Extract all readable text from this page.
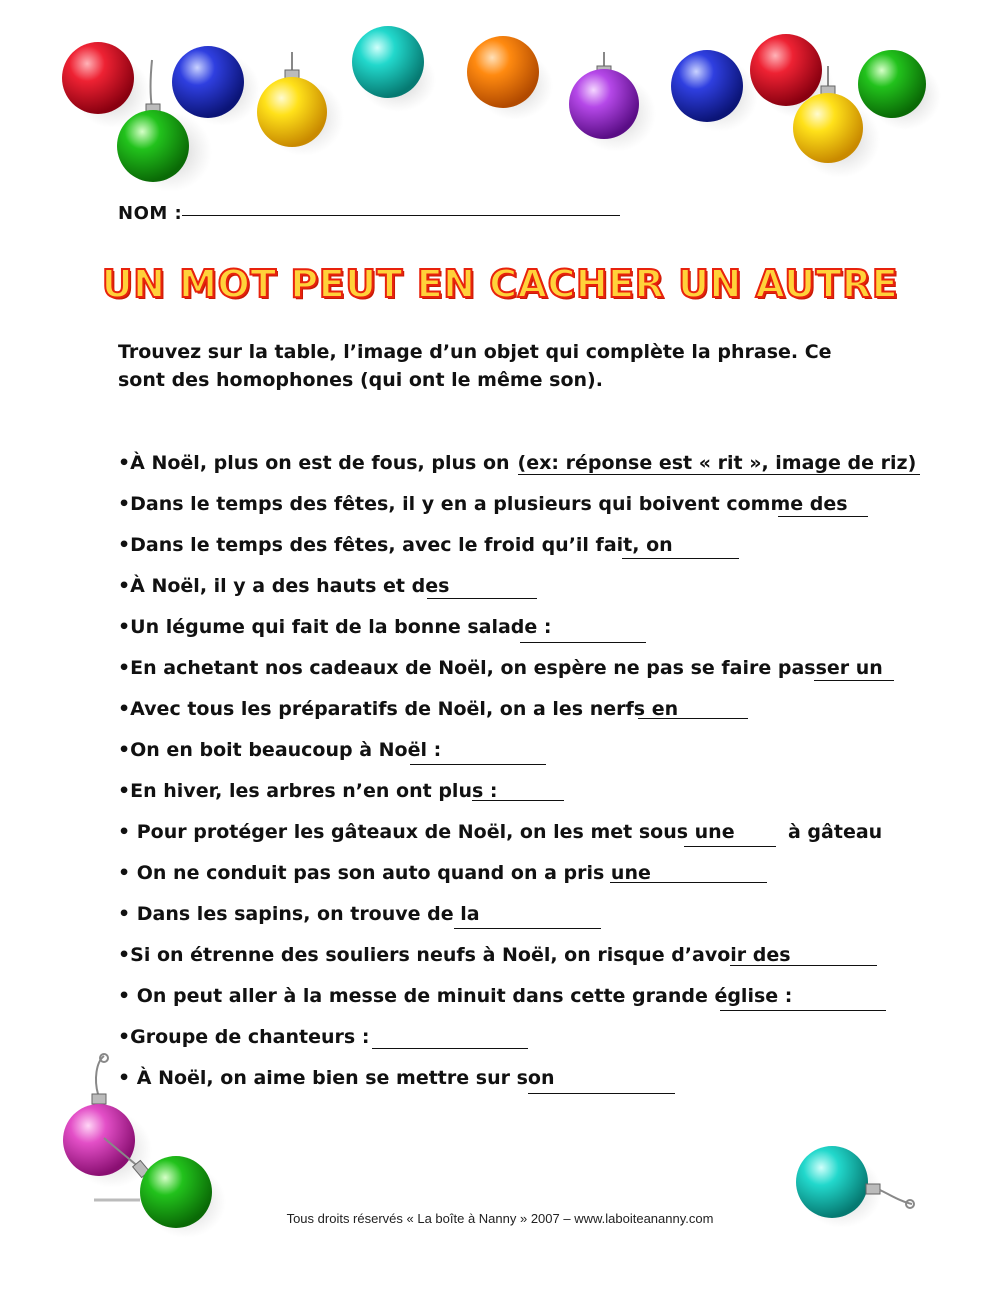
NOM :
UN MOT PEUT EN CACHER UN AUTRE
Trouvez sur la table, l’image d’un objet qui complète la phrase. Ce sont des homophones (qui ont le même son).
•À Noël, plus on est de fous, plus on (ex: réponse est « rit », image de riz)
•Dans le temps des fêtes, il y en a plusieurs qui boivent comme des
•Dans le temps des fêtes, avec le froid qu’il fait, on
•À Noël, il y a des hauts et des
•Un légume qui fait de la bonne salade :
•En achetant nos cadeaux de Noël, on espère ne pas se faire passer un
•Avec tous les préparatifs de Noël, on a les nerfs en
•On en boit beaucoup à Noël :
•En hiver, les arbres n’en ont plus :
• Pour protéger les gâteaux de Noël, on les met sous une	à gâteau
• On ne conduit pas son auto quand on a pris une
• Dans les sapins, on trouve de la
•Si on étrenne des souliers neufs à Noël, on risque d’avoir des
• On peut aller à la messe de minuit dans cette grande église :
•Groupe de chanteurs :
• À Noël, on aime bien se mettre sur son
Tous droits réservés « La boîte à Nanny » 2007 – www.laboiteananny.com
